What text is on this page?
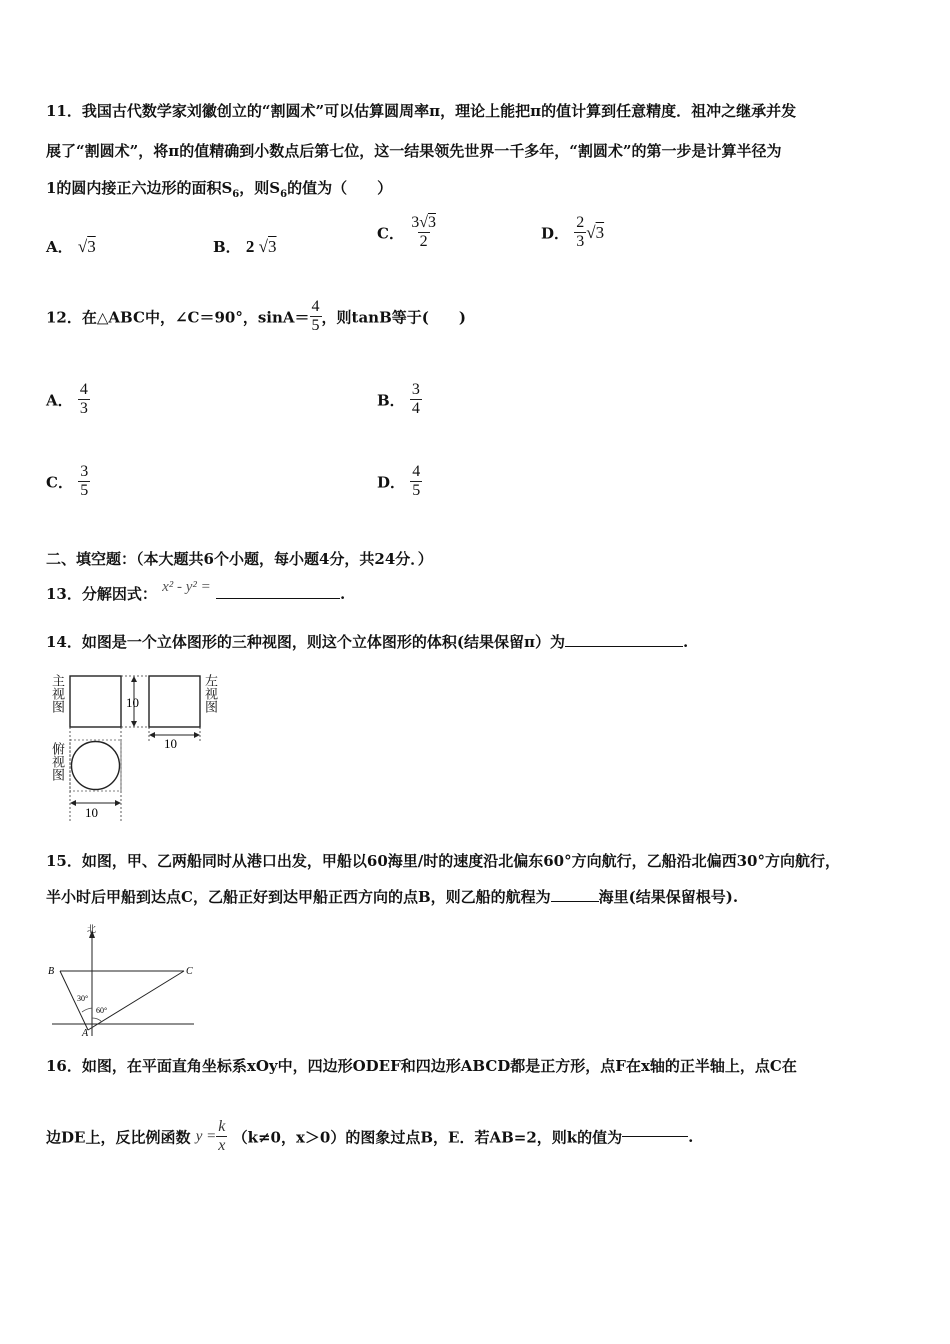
11．我国古代数学家刘徽创立的“割圆术”可以估算圆周率π，理论上能把π的值计算到任意精度．祖冲之继承并发
展了“割圆术”，将π的值精确到小数点后第七位，这一结果领先世界一千多年，“割圆术”的第一步是计算半径为
1的圆内接正六边形的面积$S_6$，则$S_6$的值为（　　）
A． √3	B． 2 √3
C． $\frac{3√3}{2}$	D． $\frac{2}{3} √3$
12．在△ABC中，∠C＝90°，$\sin A= \frac{4}{5}$ ，则tanB等于(　　)
A． $\frac{4}{3}$	B． $\frac{3}{4}$
C． $\frac{3}{5}$	D． $\frac{4}{5}$
二、填空题：（本大题共6个小题，每小题4分，共24分．）
13．分解因式： x² - y² =	.
14．如图是一个立体图形的三种视图，则这个立体图形的体积(结果保留π）为	.
10
10
10
主视图	左视图
俯视图
15．如图，甲、乙两船同时从港口出发，甲船以60海里/时的速度沿北偏东60°方向航行，乙船沿北偏西30°方向航行，
半小时后甲船到达点C，乙船正好到达甲船正西方向的点B，则乙船的航程为	海里(结果保留根号).
北
B	C
A
30°
60°
16．如图，在平面直角坐标系xOy中，四边形ODEF和四边形ABCD都是正方形，点F在x轴的正半轴上，点C在
边DE上，反比例函数 $y = \frac{k}{x} (k\ne 0$，x＞0）的图象过点B，E．若AB=2，则k的值为	.
